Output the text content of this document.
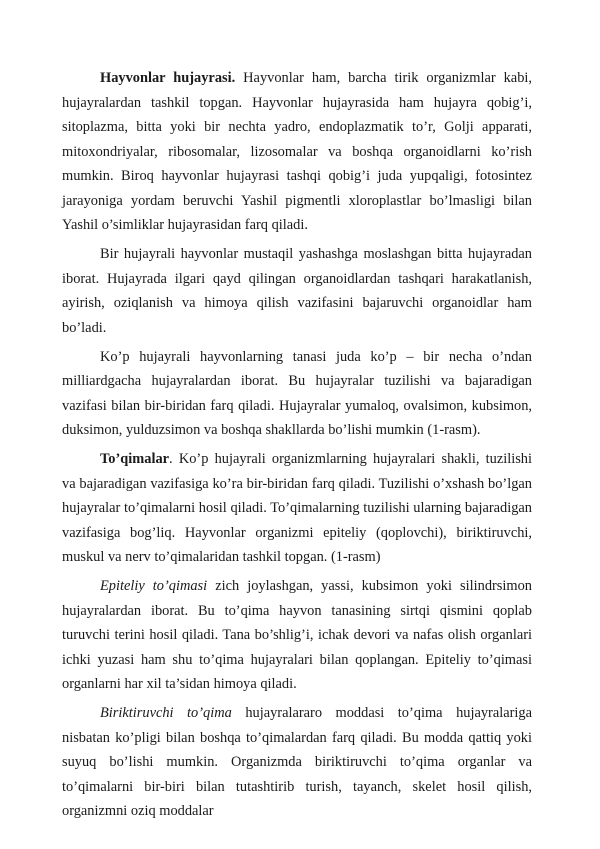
Hayvonlar hujayrasi. Hayvonlar ham, barcha tirik organizmlar kabi, hujayralardan tashkil topgan. Hayvonlar hujayrasida ham hujayra qobig’i, sitoplazma, bitta yoki bir nechta yadro, endoplazmatik to’r, Golji apparati, mitoxondriyalar, ribosomalar, lizosomalar va boshqa organoidlarni ko’rish mumkin. Biroq hayvonlar hujayrasi tashqi qobig’i juda yupqaligi, fotosintez jarayoniga yordam beruvchi Yashil pigmentli xloroplastlar bo’lmasligi bilan Yashil o’simliklar hujayrasidan farq qiladi.

Bir hujayrali hayvonlar mustaqil yashashga moslashgan bitta hujayradan iborat. Hujayrada ilgari qayd qilingan organoidlardan tashqari harakatlanish, ayirish, oziqlanish va himoya qilish vazifasini bajaruvchi organoidlar ham bo’ladi.

Ko’p hujayrali hayvonlarning tanasi juda ko’p – bir necha o’ndan milliardgacha hujayralardan iborat. Bu hujayralar tuzilishi va bajaradigan vazifasi bilan bir-biridan farq qiladi. Hujayralar yumaloq, ovalsimon, kubsimon, duksimon, yulduzsimon va boshqa shakllarda bo’lishi mumkin (1-rasm).

To’qimalar. Ko’p hujayrali organizmlarning hujayralari shakli, tuzilishi va bajaradigan vazifasiga ko’ra bir-biridan farq qiladi. Tuzilishi o’xshash bo’lgan hujayralar to’qimalarni hosil qiladi. To’qimalarning tuzilishi ularning bajaradigan vazifasiga bog’liq. Hayvonlar organizmi epiteliy (qoplovchi), biriktiruvchi, muskul va nerv to’qimalaridan tashkil topgan. (1-rasm)

Epiteliy to’qimasi zich joylashgan, yassi, kubsimon yoki silindrsimon hujayralardan iborat. Bu to’qima hayvon tanasining sirtqi qismini qoplab turuvchi terini hosil qiladi. Tana bo’shlig’i, ichak devori va nafas olish organlari ichki yuzasi ham shu to’qima hujayralari bilan qoplangan. Epiteliy to’qimasi organlarni har xil ta’sidan himoya qiladi.

Biriktiruvchi to’qima hujayralararo moddasi to’qima hujayralariga nisbatan ko’pligi bilan boshqa to’qimalardan farq qiladi. Bu modda qattiq yoki suyuq bo’lishi mumkin. Organizmda biriktiruvchi to’qima organlar va to’qimalarni bir-biri bilan tutashtirib turish, tayanch, skelet hosil qilish, organizmni oziq moddalar
